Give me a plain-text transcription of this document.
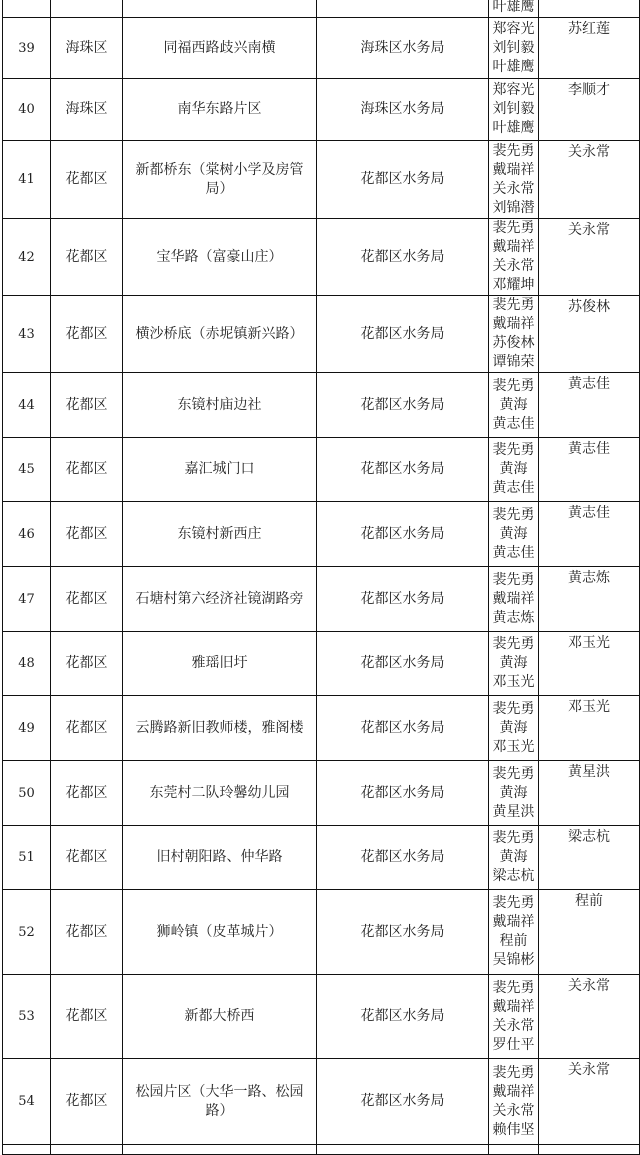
				叶雄鹰	

39	海珠区	同福西路歧兴南横	海珠区水务局	郑容光
刘钊毅
叶雄鹰	苏红莲
40	海珠区	南华东路片区	海珠区水务局	郑容光
刘钊毅
叶雄鹰	李顺才
41	花都区	新都桥东（棠树小学及房管局）	花都区水务局	裴先勇
戴瑞祥
关永常
刘锦潜	关永常
42	花都区	宝华路（富豪山庄）	花都区水务局	裴先勇
戴瑞祥
关永常
邓耀坤	关永常
43	花都区	横沙桥底（赤坭镇新兴路）	花都区水务局	裴先勇
戴瑞祥
苏俊林
谭锦荣	苏俊林
44	花都区	东镜村庙边社	花都区水务局	裴先勇
黄海
黄志佳	黄志佳
45	花都区	嘉汇城门口	花都区水务局	裴先勇
黄海
黄志佳	黄志佳
46	花都区	东镜村新西庄	花都区水务局	裴先勇
黄海
黄志佳	黄志佳
47	花都区	石塘村第六经济社镜湖路旁	花都区水务局	裴先勇
戴瑞祥
黄志炼	黄志炼
48	花都区	雅瑶旧圩	花都区水务局	裴先勇
黄海
邓玉光	邓玉光
49	花都区	云腾路新旧教师楼，雅阁楼	花都区水务局	裴先勇
黄海
邓玉光	邓玉光
50	花都区	东莞村二队玲馨幼儿园	花都区水务局	裴先勇
黄海
黄星洪	黄星洪
51	花都区	旧村朝阳路、仲华路	花都区水务局	裴先勇
黄海
梁志杭	梁志杭
52	花都区	狮岭镇（皮革城片）	花都区水务局	裴先勇
戴瑞祥
程前
吴锦彬	程前
53	花都区	新都大桥西	花都区水务局	裴先勇
戴瑞祥
关永常
罗仕平	关永常
54	花都区	松园片区（大华一路、松园路）	花都区水务局	裴先勇
戴瑞祥
关永常
赖伟坚	关永常
